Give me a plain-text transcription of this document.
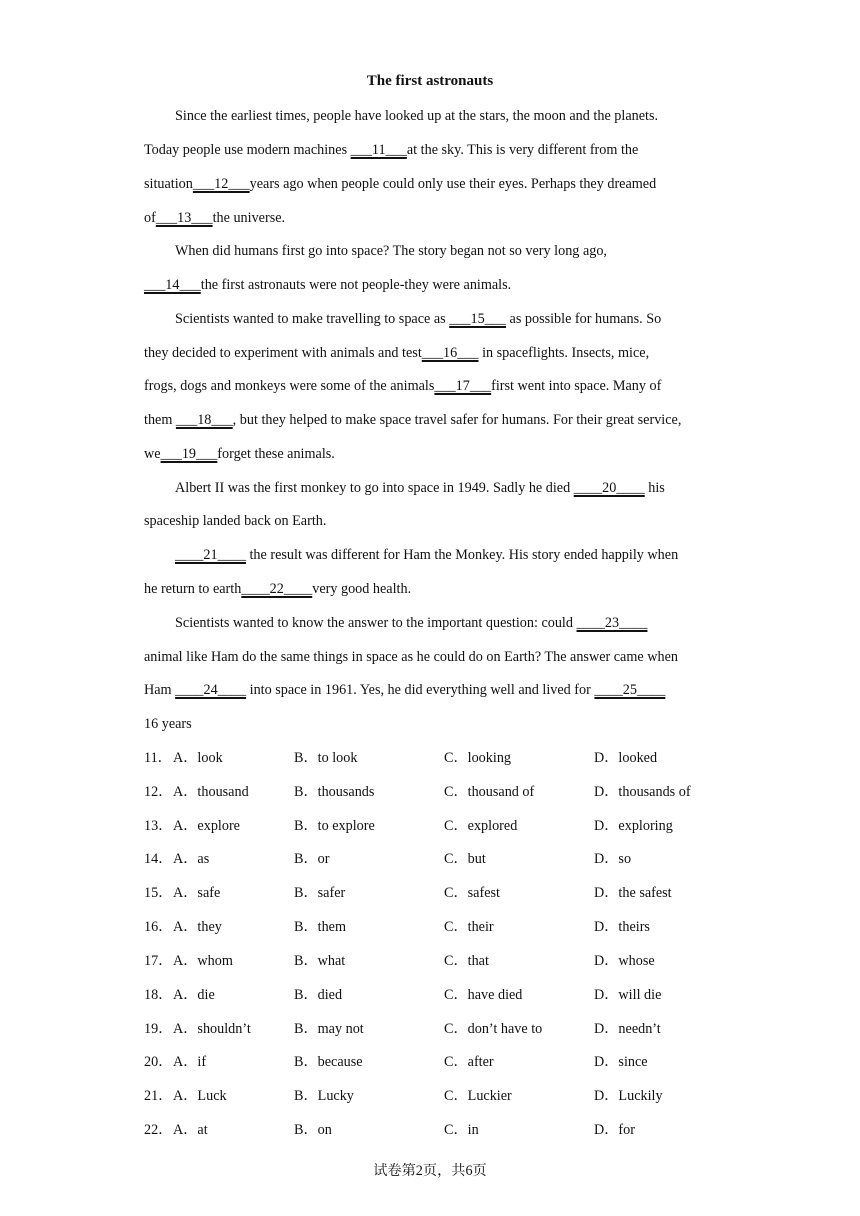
The first astronauts
Since the earliest times, people have looked up at the stars, the moon and the planets.
Today people use modern machines ___11___at the sky. This is very different from the
situation___12___years ago when people could only use their eyes. Perhaps they dreamed
of___13___the universe.
When did humans first go into space? The story began not so very long ago,
___14___the first astronauts were not people-they were animals.
Scientists wanted to make travelling to space as ___15___ as possible for humans. So
they decided to experiment with animals and test___16___ in spaceflights. Insects, mice,
frogs, dogs and monkeys were some of the animals___17___first went into space. Many of
them ___18___, but they helped to make space travel safer for humans. For their great service,
we___19___forget these animals.
Albert II was the first monkey to go into space in 1949. Sadly he died ____20____ his
spaceship landed back on Earth.
____21____ the result was different for Ham the Monkey. His story ended happily when
he return to earth____22____very good health.
Scientists wanted to know the answer to the important question: could ____23____
animal like Ham do the same things in space as he could do on Earth? The answer came when
Ham ____24____ into space in 1961. Yes, he did everything well and lived for ____25____
16 years
11． A．look	B．to look	C．looking	D．looked
12． A．thousand	B．thousands	C．thousand of	D．thousands of
13． A．explore	B．to explore	C．explored	D．exploring
14． A．as	B．or	C．but	D．so
15． A．safe	B．safer	C．safest	D．the safest
16． A．they	B．them	C．their	D．theirs
17． A．whom	B．what	C．that	D．whose
18． A．die	B．died	C．have died	D．will die
19． A．shouldn’t	B．may not	C．don’t have to	D．needn’t
20． A．if	B．because	C．after	D．since
21． A．Luck	B．Lucky	C．Luckier	D．Luckily
22． A．at	B．on	C．in	D．for
试卷第2页，共6页
